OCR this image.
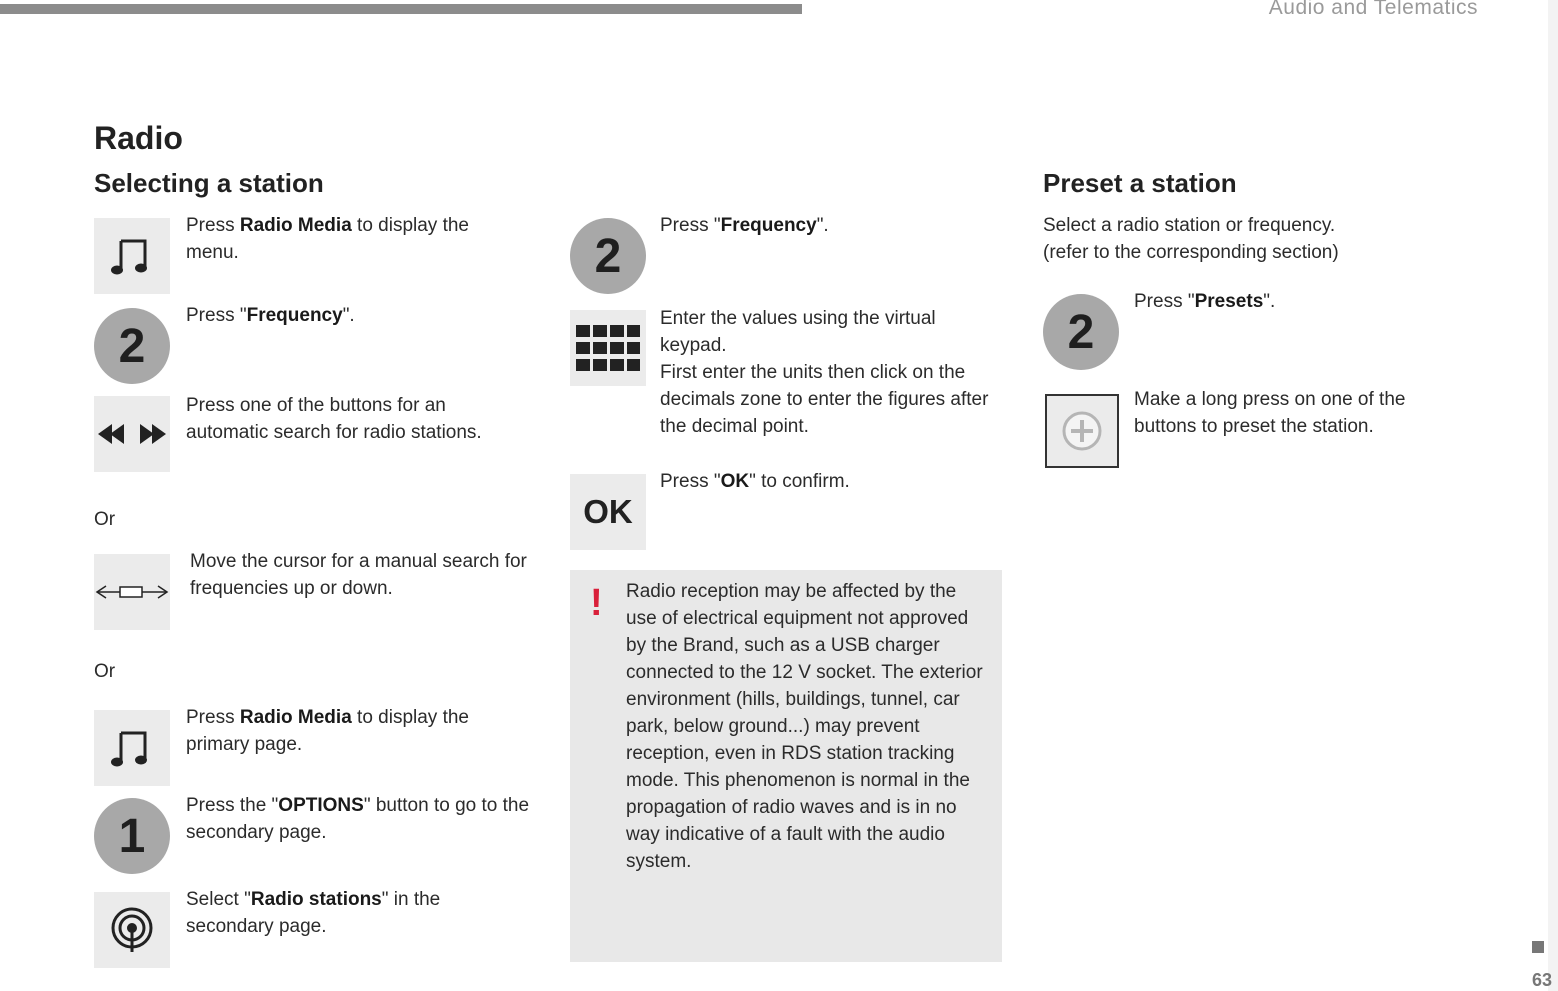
Audio and Telematics
Radio
Selecting a station
Press Radio Media to display the menu.
2
Press "Frequency".
Press one of the buttons for an automatic search for radio stations.
Or
Move the cursor for a manual search for frequencies up or down.
Or
Press Radio Media to display the primary page.
1
Press the "OPTIONS" button to go to the secondary page.
Select "Radio stations" in the secondary page.
2
Press "Frequency".
Enter the values using the virtual keypad.
First enter the units then click on the decimals zone to enter the figures after the decimal point.
OK
Press "OK" to confirm.
! Radio reception may be affected by the use of electrical equipment not approved by the Brand, such as a USB charger connected to the 12 V socket. The exterior environment (hills, buildings, tunnel, car park, below ground...) may prevent reception, even in RDS station tracking mode. This phenomenon is normal in the propagation of radio waves and is in no way indicative of a fault with the audio system.
Preset a station
Select a radio station or frequency.
(refer to the corresponding section)
2
Press "Presets".
Make a long press on one of the buttons to preset the station.
63
